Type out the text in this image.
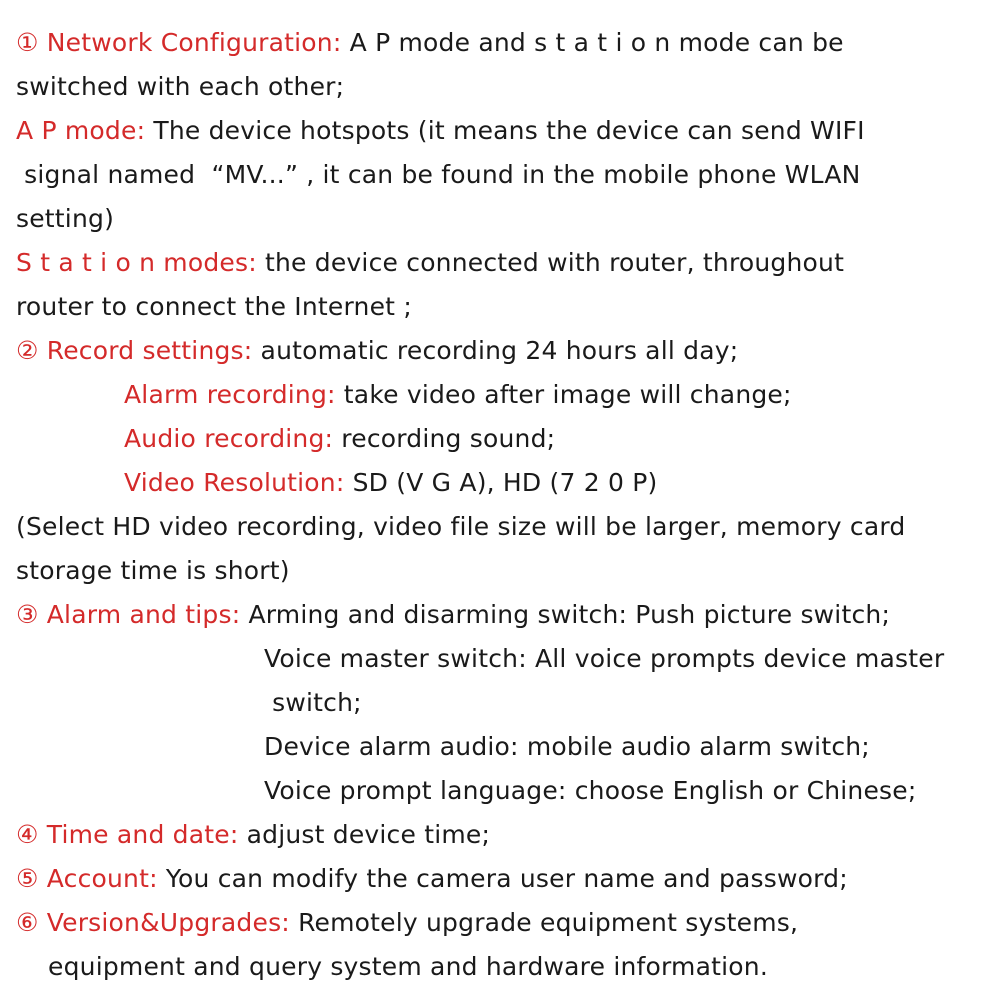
① Network Configuration: A P mode and s t a t i o n mode can be
switched with each other;
A P mode: The device hotspots (it means the device can send WIFI
signal named  “MV...” , it can be found in the mobile phone WLAN
setting)
S t a t i o n modes: the device connected with router, throughout
router to connect the Internet ;
② Record settings: automatic recording 24 hours all day;
Alarm recording: take video after image will change;
Audio recording: recording sound;
Video Resolution: SD (V G A), HD (7 2 0 P)
(Select HD video recording, video file size will be larger, memory card
storage time is short)
③ Alarm and tips: Arming and disarming switch: Push picture switch;
Voice master switch: All voice prompts device master
switch;
Device alarm audio: mobile audio alarm switch;
Voice prompt language: choose English or Chinese;
④ Time and date: adjust device time;
⑤ Account: You can modify the camera user name and password;
⑥ Version&Upgrades: Remotely upgrade equipment systems,
equipment and query system and hardware information.
